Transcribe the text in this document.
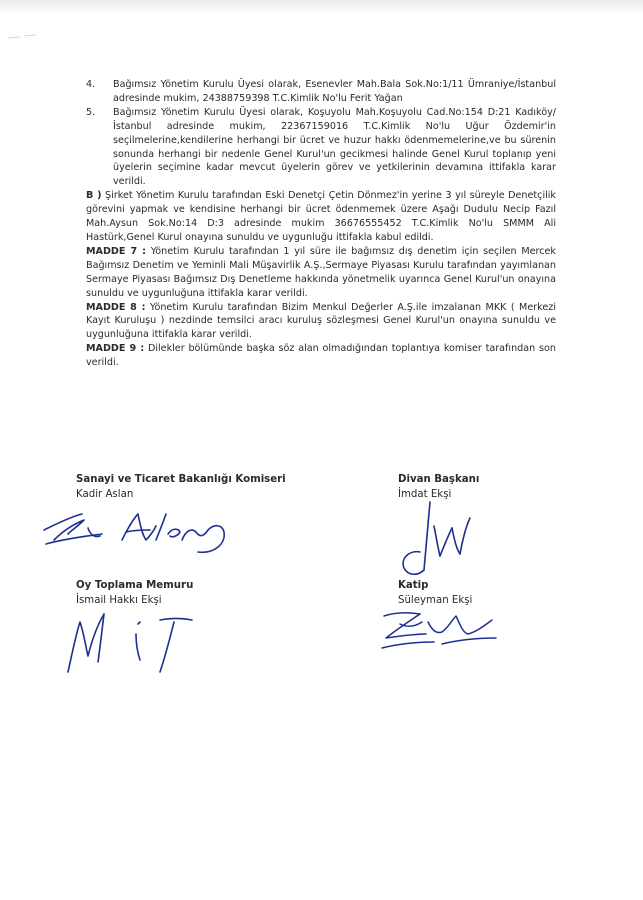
4.	Bağımsız Yönetim Kurulu Üyesi olarak, Esenevler Mah.Bala Sok.No:1/11 Ümraniye/İstanbul adresinde mukim, 24388759398 T.C.Kimlik No'lu Ferit Yağan
5.	Bağımsız Yönetim Kurulu Üyesi olarak, Koşuyolu Mah.Koşuyolu Cad.No:154 D:21 Kadıköy/İstanbul adresinde mukim, 22367159016 T.C.Kimlik No'lu Uğur Özdemir'in seçilmelerine,kendilerine herhangi bir ücret ve huzur hakkı ödenmemelerine,ve bu sürenin sonunda herhangi bir nedenle Genel Kurul'un gecikmesi halinde Genel Kurul toplanıp yeni üyelerin seçimine kadar mevcut üyelerin görev ve yetkilerinin devamına ittifakla karar verildi.

B ) Şirket Yönetim Kurulu tarafından Eski Denetçi Çetin Dönmez'in yerine 3 yıl süreyle Denetçilik görevini yapmak ve kendisine herhangi bir ücret ödenmemek üzere Aşağı Dudulu Necip Fazıl Mah.Aysun Sok.No:14 D:3 adresinde mukim 36676555452 T.C.Kimlik No'lu SMMM Ali Hastürk,Genel Kurul onayına sunuldu ve uygunluğu ittifakla kabul edildi.

MADDE 7 : Yönetim Kurulu tarafından 1 yıl süre ile bağımsız dış denetim için seçilen Mercek Bağımsız Denetim ve Yeminli Mali Müşavirlik A.Ş.,Sermaye Piyasası Kurulu tarafından yayımlanan Sermaye Piyasası Bağımsız Dış Denetleme hakkında yönetmelik uyarınca Genel Kurul'un onayına sunuldu ve uygunluğuna ittifakla karar verildi.

MADDE 8 : Yönetim Kurulu tarafından Bizim Menkul Değerler A.Ş.ile imzalanan MKK ( Merkezi Kayıt Kuruluşu ) nezdinde temsilci aracı kuruluş sözleşmesi Genel Kurul'un onayına sunuldu ve uygunluğuna ittifakla karar verildi.

MADDE 9 : Dilekler bölümünde başka söz alan olmadığından toplantıya komiser tarafından son verildi.

Sanayi ve Ticaret Bakanlığı Komiseri
Kadir Aslan
Divan Başkanı
İmdat Ekşi
Oy Toplama Memuru
İsmail Hakkı Ekşi
Katip
Süleyman Ekşi
